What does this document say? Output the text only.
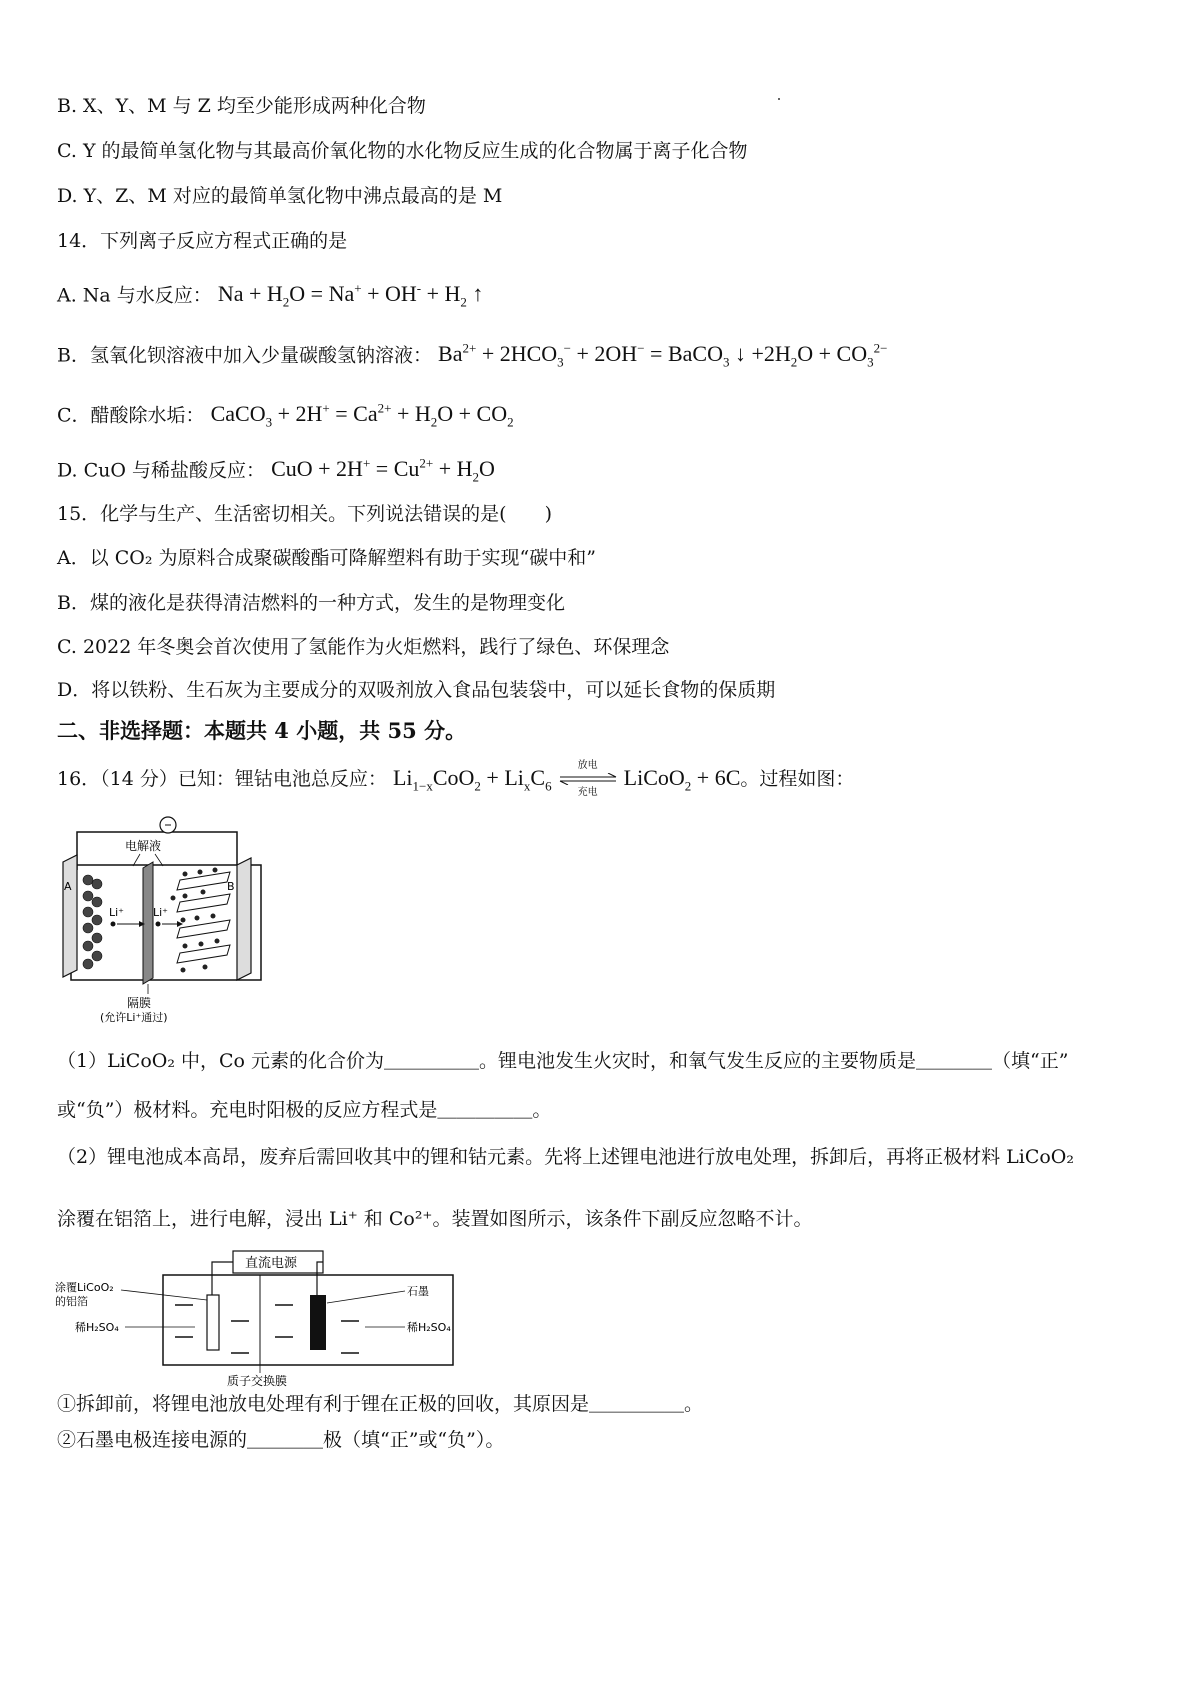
B. X、Y、M 与 Z 均至少能形成两种化合物
C. Y 的最简单氢化物与其最高价氧化物的水化物反应生成的化合物属于离子化合物
D. Y、Z、M 对应的最简单氢化物中沸点最高的是 M
14．下列离子反应方程式正确的是
A. Na 与水反应： $Na + H_2O = Na^+ + OH^- + H_2$ ↑
B．氢氧化钡溶液中加入少量碳酸氢钠溶液： $Ba^{2+} + 2HCO_3^- + 2OH^-$ = BaCO$_3$ ↓ $+2H_2O + CO_3^{2-}$
C．醋酸除水垢： CaCO$_3$ + $2H^+ = Ca^{2+} + H_2O + CO_2$
D. CuO 与稀盐酸反应： CuO + $2H^+ = Cu^{2+} + H_2O$
15．化学与生产、生活密切相关。下列说法错误的是(　　)
A．以 CO₂ 为原料合成聚碳酸酯可降解塑料有助于实现“碳中和”
B．煤的液化是获得清洁燃料的一种方式，发生的是物理变化
C. 2022 年冬奥会首次使用了氢能作为火炬燃料，践行了绿色、环保理念
D．将以铁粉、生石灰为主要成分的双吸剂放入食品包装袋中，可以延长食物的保质期
二、非选择题：本题共 4 小题，共 55 分。
16．（14 分）已知：锂钴电池总反应： $Li_{1-x}CoO_2 + Li_xC_6$
放电
充电
LiCoO$_2$ + 6C。过程如图：
A	B
电解液
Li⁺	Li⁺
隔膜
(允许Li⁺通过)
（1）LiCoO₂ 中，Co 元素的化合价为＿＿＿＿＿。锂电池发生火灾时，和氧气发生反应的主要物质是＿＿＿＿（填“正”
或“负”）极材料。充电时阳极的反应方程式是＿＿＿＿＿。
（2）锂电池成本高昂，废弃后需回收其中的锂和钴元素。先将上述锂电池进行放电处理，拆卸后，再将正极材料 LiCoO₂
涂覆在铝箔上，进行电解，浸出 Li⁺ 和 Co²⁺。装置如图所示，该条件下副反应忽略不计。
直流电源
涂覆LiCoO₂
的铝箔
稀H₂SO₄
石墨
稀H₂SO₄
质子交换膜
①拆卸前，将锂电池放电处理有利于锂在正极的回收，其原因是＿＿＿＿＿。
②石墨电极连接电源的＿＿＿＿极（填“正”或“负”）。
